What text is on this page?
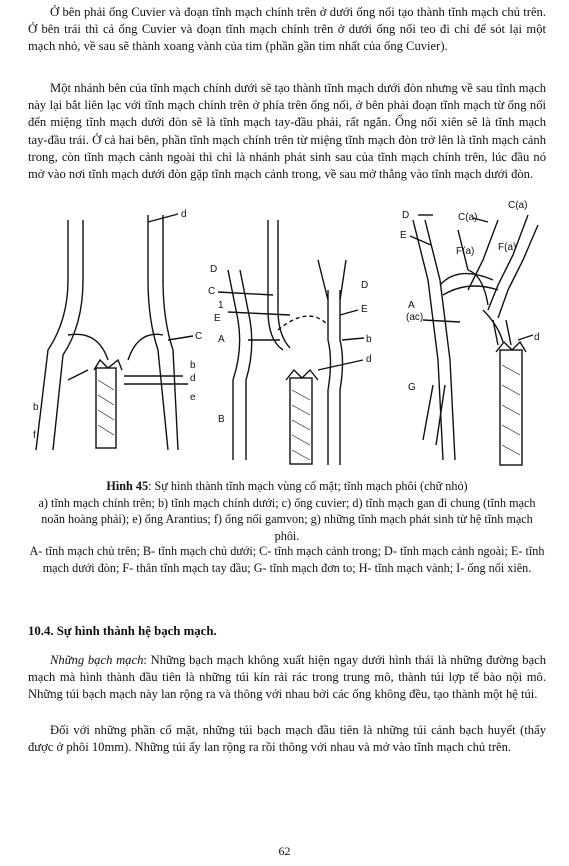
Ở bên phải ống Cuvier và đoạn tĩnh mạch chính trên ở dưới ống nối tạo thành tĩnh mạch chủ trên. Ở bên trái thì cả ống Cuvier và đoạn tĩnh mạch chính trên ở dưới ống nối teo đi chỉ để sót lại một mạch nhỏ, về sau sẽ thành xoang vành của tim (phần gần tim nhất của ống Cuvier).

Một nhánh bên của tĩnh mạch chính dưới sẽ tạo thành tĩnh mạch dưới đòn nhưng về sau tĩnh mạch này lại bắt liên lạc với tĩnh mạch chính trên ở phía trên ống nối, ở bên phải đoạn tĩnh mạch từ ống nối đến miệng tĩnh mạch dưới đòn sẽ là tĩnh mạch tay-đầu phải, rất ngắn. Ống nối xiên sẽ là tĩnh mạch tay-đầu trái. Ở cả hai bên, phần tĩnh mạch chính trên từ miệng tĩnh mạch đòn trở lên là tĩnh mạch cảnh trong, còn tĩnh mạch cảnh ngoài thì chỉ là nhánh phát sinh sau của tĩnh mạch chính trên, lúc đầu nó mở vào nơi tĩnh mạch dưới đòn gặp tĩnh mạch cảnh trong, về sau mở thẳng vào tĩnh mạch dưới đòn.

d
C
b
d
b
e
f
D
C
1
E
A
d
B
D
E
b
D	C(a)
C(a)
E
F(a) F(a)
A
(ac)
d
G

Hình 45: Sự hình thành tĩnh mạch vùng cổ mặt; tĩnh mạch phôi (chữ nhỏ)
a) tĩnh mạch chính trên; b) tĩnh mạch chính dưới; c) ống cuvier; d) tĩnh mạch gan đi chung (tĩnh mạch noãn hoàng phải); e) ống Arantius; f) ống nối gamvon; g) những tĩnh mạch phát sinh từ hệ tĩnh mạch phôi.

A- tĩnh mạch chủ trên; B- tĩnh mạch chủ dưới; C- tĩnh mạch cảnh trong; D- tĩnh mạch cảnh ngoài; E- tĩnh mạch dưới đòn; F- thân tĩnh mạch tay đầu; G- tĩnh mạch đơn to; H- tĩnh mạch vành; I- ống nối xiên.

10.4. Sự hình thành hệ bạch mạch.

Những bạch mạch: Những bạch mạch không xuất hiện ngay dưới hình thái là những đường bạch mạch mà hình thành đầu tiên là những túi kín rải rác trong trung mô, thành túi lợp tế bào nội mô. Những túi bạch mạch này lan rộng ra và thông với nhau bởi các ống không đều, tạo thành một hệ túi.

Đối với những phần cổ mặt, những túi bạch mạch đầu tiên là những túi cảnh bạch huyết (thấy được ở phôi 10mm). Những túi ấy lan rộng ra rồi thông với nhau và mở vào tĩnh mạch chủ trên.

62
